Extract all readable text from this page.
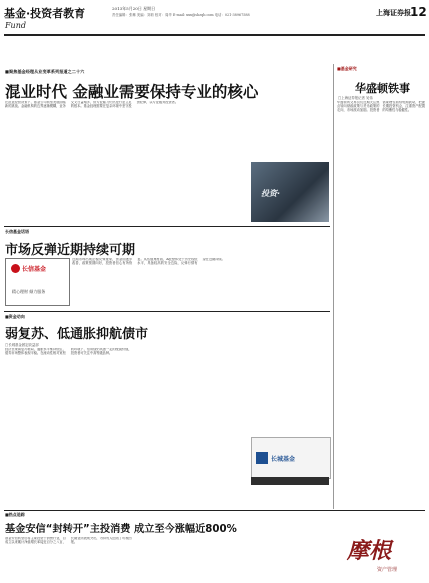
基金·投资者教育	2013年5月20日 星期日
责任编辑：张琳 美编：刘莉 校对：周华 E-mail: xxx@shzqb.com 电话：021-38967588
Fund
上海证券报 12
■聚焦基金经理从业变革系列报道之二十六
混业时代 金融业需要保持专业的核心
在混业经营背景下，基金公司转型发展面临新的挑战。金融机构的边界逐渐模糊，业务交叉日益增多，但专业能力仍然是行业立足的根本。基金经理需要在复杂环境中坚守投资纪律，以专业服务投资者。
投资·
■基金研究
华盛顿铁事
□上海证券报记者 吴伟
华盛顿的交易员们近期关注焦点转向财政政策与货币政策的走向，市场波动加剧。投资者需要理性看待短期波动，把握长期投资机会，注重资产配置的均衡性与稳健性。
长信基金话语
市场反弹近期持续可期
长信基金
精心理财 倾力服务
近期市场出现企稳反弹迹象，资金面逐步改善，政策预期向好，投资者信心有所恢复。从估值角度看，A股整体处于历史较低水平，具备较高的安全边际，反弹行情有望在近期持续。
■资金动向
弱复苏、低通胀抑航债市
□长城基金固定收益部
经济呈现弱复苏格局，通胀水平维持低位，债券市场整体表现平稳。在流动性相对宽松的环境下，信用债仍具备一定的配置价值，投资者可关注中高等级品种。
长城基金
■热点追踪
基金安信“封转开”主投消费 成立至今涨幅近800%
基金安信转型后将主要投资于消费行业，自成立以来累计净值增长率接近百分之八百，长期业绩表现突出，为持有人创造了可观回报。	摩根
资产管理
